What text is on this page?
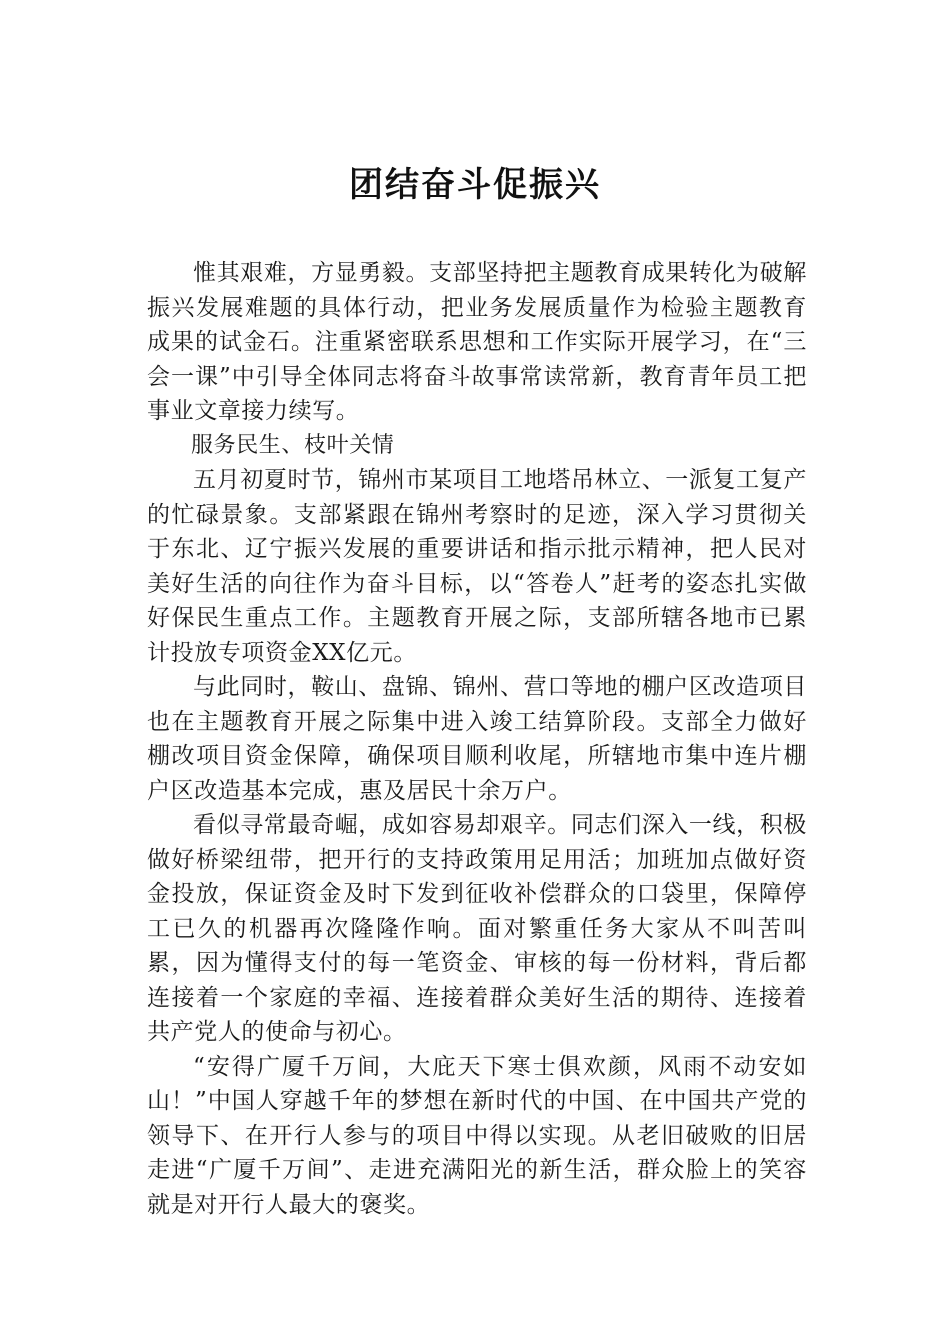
团结奋斗促振兴

惟其艰难，方显勇毅。支部坚持把主题教育成果转化为破解振兴发展难题的具体行动，把业务发展质量作为检验主题教育成果的试金石。注重紧密联系思想和工作实际开展学习，在“三会一课”中引导全体同志将奋斗故事常读常新，教育青年员工把事业文章接力续写。

服务民生、枝叶关情

五月初夏时节，锦州市某项目工地塔吊林立、一派复工复产的忙碌景象。支部紧跟在锦州考察时的足迹，深入学习贯彻关于东北、辽宁振兴发展的重要讲话和指示批示精神，把人民对美好生活的向往作为奋斗目标，以“答卷人”赶考的姿态扎实做好保民生重点工作。主题教育开展之际，支部所辖各地市已累计投放专项资金XX亿元。

与此同时，鞍山、盘锦、锦州、营口等地的棚户区改造项目也在主题教育开展之际集中进入竣工结算阶段。支部全力做好棚改项目资金保障，确保项目顺利收尾，所辖地市集中连片棚户区改造基本完成，惠及居民十余万户。

看似寻常最奇崛，成如容易却艰辛。同志们深入一线，积极做好桥梁纽带，把开行的支持政策用足用活；加班加点做好资金投放，保证资金及时下发到征收补偿群众的口袋里，保障停工已久的机器再次隆隆作响。面对繁重任务大家从不叫苦叫累，因为懂得支付的每一笔资金、审核的每一份材料，背后都连接着一个家庭的幸福、连接着群众美好生活的期待、连接着共产党人的使命与初心。

“安得广厦千万间，大庇天下寒士俱欢颜，风雨不动安如山！”中国人穿越千年的梦想在新时代的中国、在中国共产党的领导下、在开行人参与的项目中得以实现。从老旧破败的旧居走进“广厦千万间”、走进充满阳光的新生活，群众脸上的笑容就是对开行人最大的褒奖。
